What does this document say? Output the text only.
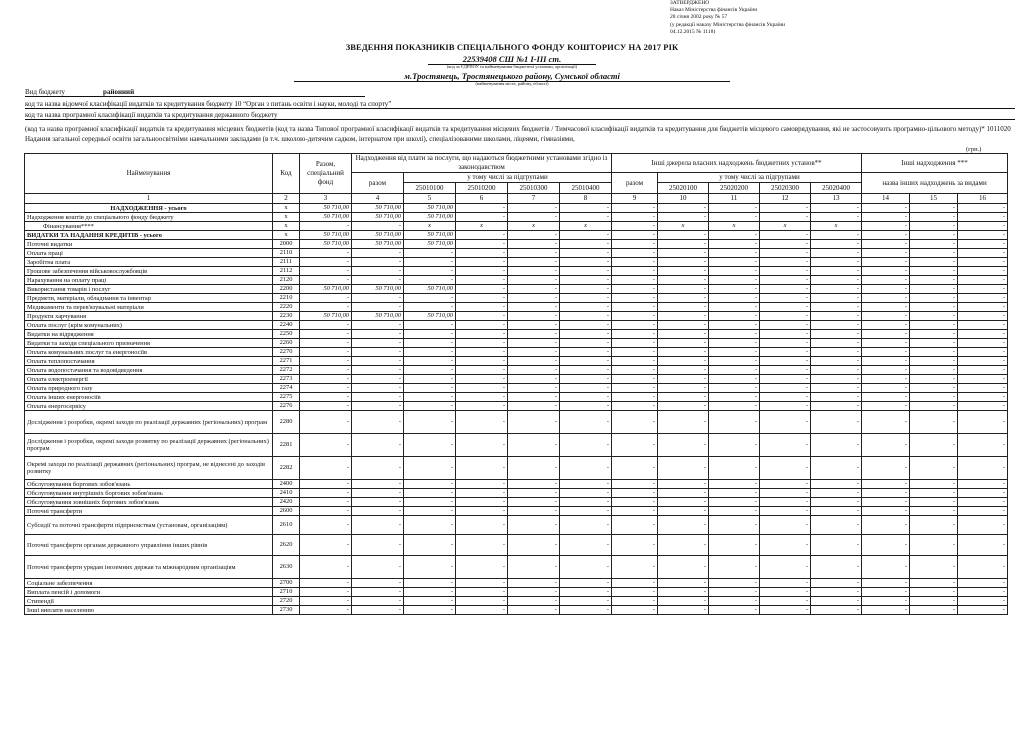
ЗАТВЕРДЖЕНО
Наказ Міністерства фінансів України
28 січня 2002 року № 57
(у редакції наказу Міністерства фінансів України
04.12.2015 № 1118)
ЗВЕДЕННЯ ПОКАЗНИКІВ СПЕЦІАЛЬНОГО ФОНДУ КОШТОРИСУ НА 2017 РІК
22539408 СШ №1 І-ІІІ ст.
(код за ЄДРПОУ та найменування бюджетної установи, організації)
м.Тростянець, Тростянецького району, Сумської області
(найменування міста, району, області)
Вид бюджету	районний
код та назва відомчої класифікації видатків та кредитування бюджету 10 “Орган з питань освіти і науки, молоді та спорту”
код та назва програмної класифікації видатків та кредитування державного бюджету
(код та назва програмної класифікації видатків та кредитування місцевих бюджетів (код та назва Типової програмної класифікації видатків та кредитування місцевих бюджетів / Тимчасової класифікації видатків та кредитування для бюджетів місцевого самоврядування, які не застосовують програмно-цільового методу)* 1011020 Надання загальної середньої освіти загальноосвітніми навчальними закладами (в т.ч. школою-дитячим садком, інтернатом при школі), спеціалізованими школами, ліцеями, гімназіями,
(грн.)
Найменування	Код	Разом, спеціальний фонд	Надходження від плати за послуги, що надаються бюджетними установами згідно із законодавством					Інші джерела власних надходжень бюджетних установ**					Інші надходження ***		
			разом	у тому числі за підгрупами				разом	у тому числі за підгрупами				назва інших надходжень за видами		
				25010100	25010200	25010300	25010400		25020100	25020200	25020300	25020400			
1	2	3	4	5	6	7	8	9	10	11	12	13	14	15	16
НАДХОДЖЕННЯ - усього	x	50 710,00	50 710,00	50 710,00	-	-	-	-	-	-	-	-	-	-	-
Надходження коштів до спеціального фонду бюджету	x	50 710,00	50 710,00	50 710,00	-	-	-	-	-	-	-	-	-	-	-
Фінансування****	x	-	-	x	x	x	x	-	x	x	x	x	-	-	-
ВИДАТКИ ТА НАДАННЯ КРЕДИТІВ - усього	x	50 710,00	50 710,00	50 710,00	-	-	-	-	-	-	-	-	-	-	-
Поточні видатки	2000	50 710,00	50 710,00	50 710,00	-	-	-	-	-	-	-	-	-	-	-
Оплата праці	2110	-	-	-	-	-	-	-	-	-	-	-	-	-	-
Заробітна плата	2111	-	-	-	-	-	-	-	-	-	-	-	-	-	-
Грошове забезпечення військовослужбовців	2112	-	-	-	-	-	-	-	-	-	-	-	-	-	-
Нарахування на оплату праці	2120	-	-	-	-	-	-	-	-	-	-	-	-	-	-
Використання товарів і послуг	2200	50 710,00	50 710,00	50 710,00	-	-	-	-	-	-	-	-	-	-	-
Предмети, матеріали, обладнання та інвентар	2210	-	-	-	-	-	-	-	-	-	-	-	-	-	-
Медикаменти та перев'язувальні матеріали	2220	-	-	-	-	-	-	-	-	-	-	-	-	-	-
Продукти харчування	2230	50 710,00	50 710,00	50 710,00	-	-	-	-	-	-	-	-	-	-	-
Оплата послуг (крім комунальних)	2240	-	-	-	-	-	-	-	-	-	-	-	-	-	-
Видатки на відрядження	2250	-	-	-	-	-	-	-	-	-	-	-	-	-	-
Видатки та заходи спеціального призначення	2260	-	-	-	-	-	-	-	-	-	-	-	-	-	-
Оплата комунальних послуг та енергоносіїв	2270	-	-	-	-	-	-	-	-	-	-	-	-	-	-
Оплата теплопостачання	2271	-	-	-	-	-	-	-	-	-	-	-	-	-	-
Оплата водопостачання та водовідведення	2272	-	-	-	-	-	-	-	-	-	-	-	-	-	-
Оплата електроенергії	2273	-	-	-	-	-	-	-	-	-	-	-	-	-	-
Оплата природного газу	2274	-	-	-	-	-	-	-	-	-	-	-	-	-	-
Оплата інших енергоносіїв	2275	-	-	-	-	-	-	-	-	-	-	-	-	-	-
Оплата енергосервісу	2276	-	-	-	-	-	-	-	-	-	-	-	-	-	-
Дослідження і розробки, окремі заходи по реалізації державних (регіональних) програм	2280	-	-	-	-	-	-	-	-	-	-	-	-	-	-
Дослідження і розробки, окремі заходи розвитку по реалізації державних (регіональних) програм	2281	-	-	-	-	-	-	-	-	-	-	-	-	-	-
Окремі заходи по реалізації державних (регіональних) програм, не віднесені до заходів розвитку	2282	-	-	-	-	-	-	-	-	-	-	-	-	-	-
Обслуговування боргових зобов'язань	2400	-	-	-	-	-	-	-	-	-	-	-	-	-	-
Обслуговування внутрішніх боргових зобов'язань	2410	-	-	-	-	-	-	-	-	-	-	-	-	-	-
Обслуговування зовнішніх боргових зобов'язань	2420	-	-	-	-	-	-	-	-	-	-	-	-	-	-
Поточні трансферти	2600	-	-	-	-	-	-	-	-	-	-	-	-	-	-
Субсидії та поточні трансферти підприємствам (установам, організаціям)	2610	-	-	-	-	-	-	-	-	-	-	-	-	-	-
Поточні трансферти органам державного управління інших рівнів	2620	-	-	-	-	-	-	-	-	-	-	-	-	-	-
Поточні трансферти урядам іноземних держав та міжнародним організаціям	2630	-	-	-	-	-	-	-	-	-	-	-	-	-	-
Соціальне забезпечення	2700	-	-	-	-	-	-	-	-	-	-	-	-	-	-
Виплата пенсій і допомоги	2710	-	-	-	-	-	-	-	-	-	-	-	-	-	-
Стипендії	2720	-	-	-	-	-	-	-	-	-	-	-	-	-	-
Інші виплати населенню	2730	-	-	-	-	-	-	-	-	-	-	-	-	-	-
